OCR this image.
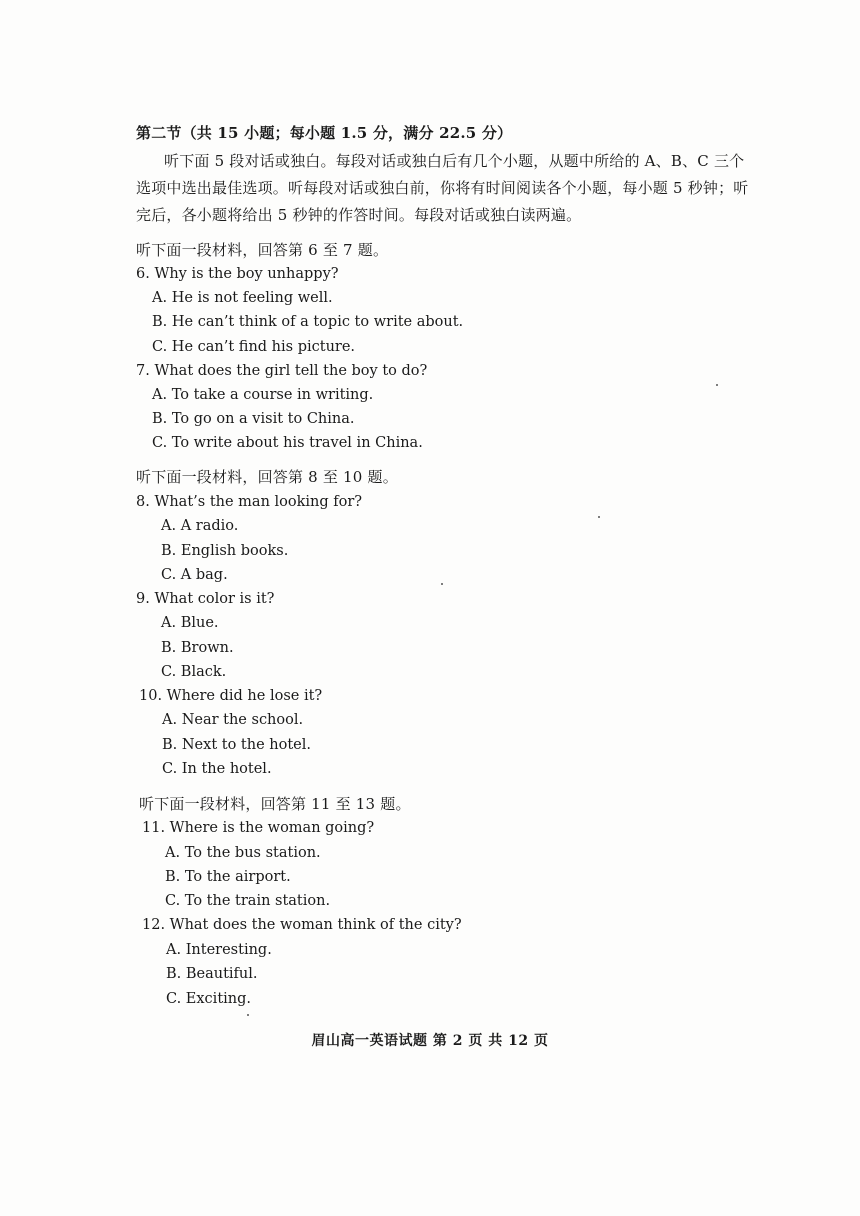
第二节（共 15 小题；每小题 1.5 分，满分 22.5 分）
听下面 5 段对话或独白。每段对话或独白后有几个小题，从题中所给的 A、B、C 三个
选项中选出最佳选项。听每段对话或独白前，你将有时间阅读各个小题，每小题 5 秒钟；听
完后，各小题将给出 5 秒钟的作答时间。每段对话或独白读两遍。
听下面一段材料，回答第 6 至 7 题。
6. Why is the boy unhappy?
A. He is not feeling well.
B. He can’t think of a topic to write about.
C. He can’t find his picture.
7. What does the girl tell the boy to do?
A. To take a course in writing.
B. To go on a visit to China.
C. To write about his travel in China.
听下面一段材料，回答第 8 至 10 题。
8. What’s the man looking for?
A. A radio.
B. English books.
C. A bag.
9. What color is it?
A. Blue.
B. Brown.
C. Black.
10. Where did he lose it?
A. Near the school.
B. Next to the hotel.
C. In the hotel.
听下面一段材料，回答第 11 至 13 题。
11. Where is the woman going?
A. To the bus station.
B. To the airport.
C. To the train station.
12. What does the woman think of the city?
A. Interesting.
B. Beautiful.
C. Exciting.
眉山高一英语试题 第 2 页 共 12 页
